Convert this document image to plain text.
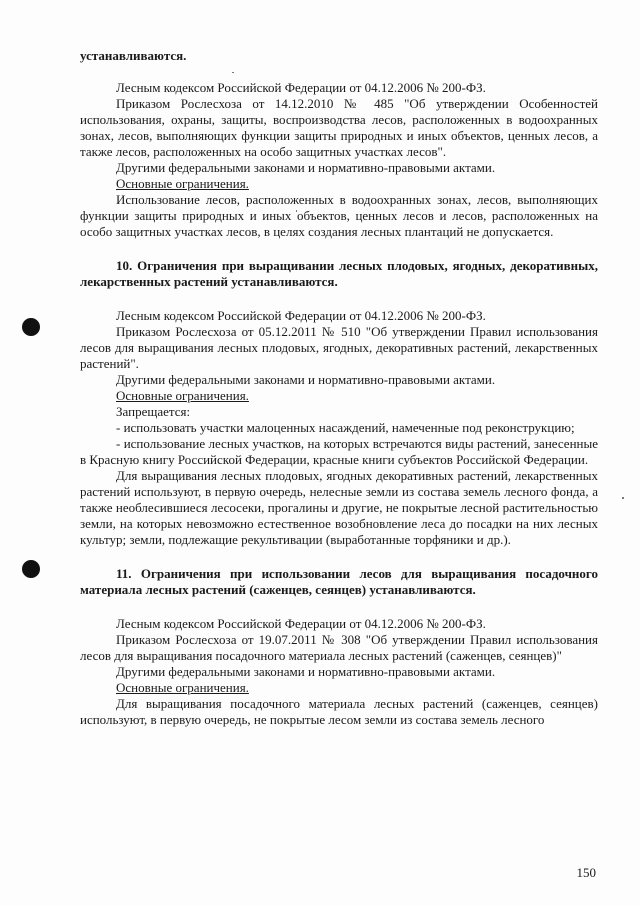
устанавливаются.

Лесным кодексом Российской Федерации от 04.12.2006 № 200-ФЗ.

Приказом Рослесхоза от 14.12.2010 № 485 "Об утверждении Особенностей использования, охраны, защиты, воспроизводства лесов, расположенных в водоохранных зонах, лесов, выполняющих функции защиты природных и иных объектов, ценных лесов, а также лесов, расположенных на особо защитных участках лесов".

Другими федеральными законами и нормативно-правовыми актами.

Основные ограничения.

Использование лесов, расположенных в водоохранных зонах, лесов, выполняющих функции защиты природных и иных объектов, ценных лесов и лесов, расположенных на особо защитных участках лесов, в целях создания лесных плантаций не допускается.

10. Ограничения при выращивании лесных плодовых, ягодных, декоративных, лекарственных растений устанавливаются.

Лесным кодексом Российской Федерации от 04.12.2006 № 200-ФЗ.

Приказом Рослесхоза от 05.12.2011 № 510 "Об утверждении Правил использования лесов для выращивания лесных плодовых, ягодных, декоративных растений, лекарственных растений".

Другими федеральными законами и нормативно-правовыми актами.

Основные ограничения.

Запрещается:

- использовать участки малоценных насаждений, намеченные под реконструкцию;

- использование лесных участков, на которых встречаются виды растений, занесенные в Красную книгу Российской Федерации, красные книги субъектов Российской Федерации.

Для выращивания лесных плодовых, ягодных декоративных растений, лекарственных растений используют, в первую очередь, нелесные земли из состава земель лесного фонда, а также необлесившиеся лесосеки, прогалины и другие, не покрытые лесной растительностью земли, на которых невозможно естественное возобновление леса до посадки на них лесных культур; земли, подлежащие рекультивации (выработанные торфяники и др.).

11. Ограничения при использовании лесов для выращивания посадочного материала лесных растений (саженцев, сеянцев) устанавливаются.

Лесным кодексом Российской Федерации от 04.12.2006 № 200-ФЗ.

Приказом Рослесхоза от 19.07.2011 № 308 "Об утверждении Правил использования лесов для выращивания посадочного материала лесных растений (саженцев, сеянцев)"

Другими федеральными законами и нормативно-правовыми актами.

Основные ограничения.

Для выращивания посадочного материала лесных растений (саженцев, сеянцев) используют, в первую очередь, не покрытые лесом земли из состава земель лесного

150
